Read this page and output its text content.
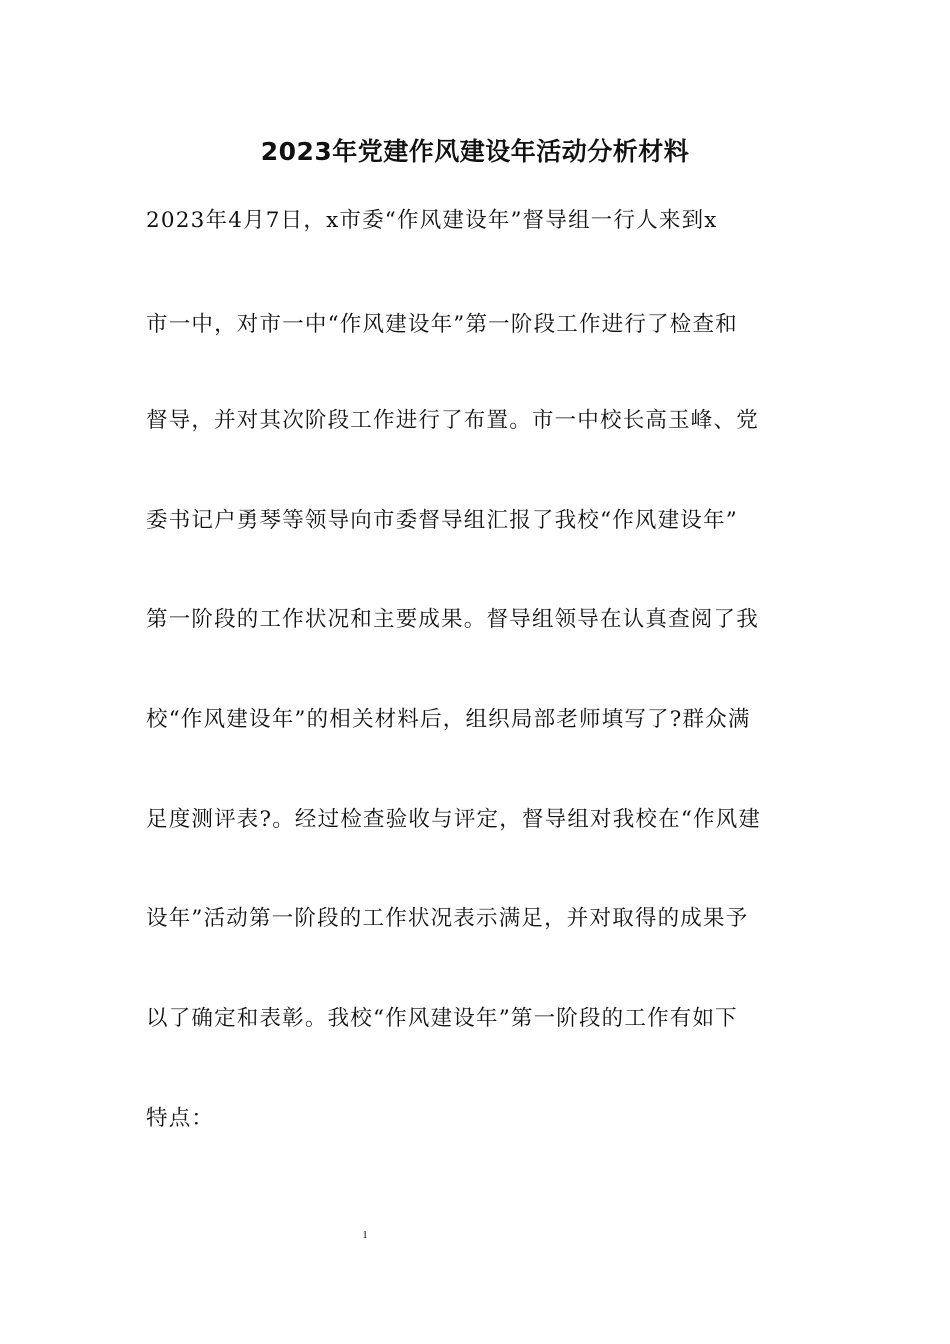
2023年党建作风建设年活动分析材料
2023年4月7日，x市委“作风建设年”督导组一行人来到x
市一中，对市一中“作风建设年”第一阶段工作进行了检查和
督导，并对其次阶段工作进行了布置。市一中校长高玉峰、党
委书记户勇琴等领导向市委督导组汇报了我校“作风建设年”
第一阶段的工作状况和主要成果。督导组领导在认真查阅了我
校“作风建设年”的相关材料后，组织局部老师填写了?群众满
足度测评表?。经过检查验收与评定，督导组对我校在“作风建
设年”活动第一阶段的工作状况表示满足，并对取得的成果予
以了确定和表彰。我校“作风建设年”第一阶段的工作有如下
特点：
1
